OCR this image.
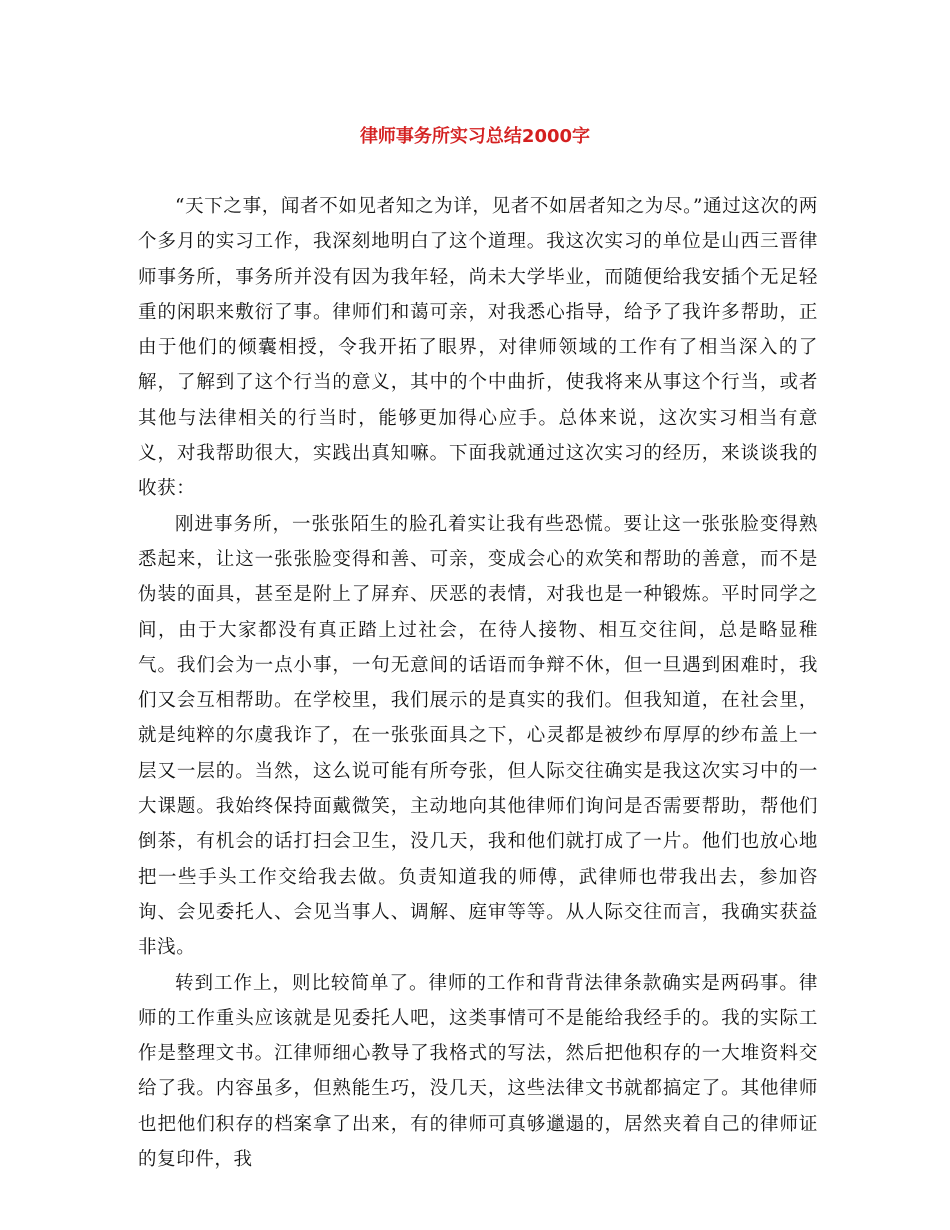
律师事务所实习总结2000字

“天下之事，闻者不如见者知之为详，见者不如居者知之为尽。”通过这次的两个多月的实习工作，我深刻地明白了这个道理。我这次实习的单位是山西三晋律师事务所，事务所并没有因为我年轻，尚未大学毕业，而随便给我安插个无足轻重的闲职来敷衍了事。律师们和蔼可亲，对我悉心指导，给予了我许多帮助，正由于他们的倾囊相授，令我开拓了眼界，对律师领域的工作有了相当深入的了解，了解到了这个行当的意义，其中的个中曲折，使我将来从事这个行当，或者其他与法律相关的行当时，能够更加得心应手。总体来说，这次实习相当有意义，对我帮助很大，实践出真知嘛。下面我就通过这次实习的经历，来谈谈我的收获：

刚进事务所，一张张陌生的脸孔着实让我有些恐慌。要让这一张张脸变得熟悉起来，让这一张张脸变得和善、可亲，变成会心的欢笑和帮助的善意，而不是伪装的面具，甚至是附上了屏弃、厌恶的表情，对我也是一种锻炼。平时同学之间，由于大家都没有真正踏上过社会，在待人接物、相互交往间，总是略显稚气。我们会为一点小事，一句无意间的话语而争辩不休，但一旦遇到困难时，我们又会互相帮助。在学校里，我们展示的是真实的我们。但我知道，在社会里，就是纯粹的尔虞我诈了，在一张张面具之下，心灵都是被纱布厚厚的纱布盖上一层又一层的。当然，这么说可能有所夸张，但人际交往确实是我这次实习中的一大课题。我始终保持面戴微笑，主动地向其他律师们询问是否需要帮助，帮他们倒茶，有机会的话打扫会卫生，没几天，我和他们就打成了一片。他们也放心地把一些手头工作交给我去做。负责知道我的师傅，武律师也带我出去，参加咨询、会见委托人、会见当事人、调解、庭审等等。从人际交往而言，我确实获益非浅。

转到工作上，则比较简单了。律师的工作和背背法律条款确实是两码事。律师的工作重头应该就是见委托人吧，这类事情可不是能给我经手的。我的实际工作是整理文书。江律师细心教导了我格式的写法，然后把他积存的一大堆资料交给了我。内容虽多，但熟能生巧，没几天，这些法律文书就都搞定了。其他律师也把他们积存的档案拿了出来，有的律师可真够邋遢的，居然夹着自己的律师证的复印件，我
